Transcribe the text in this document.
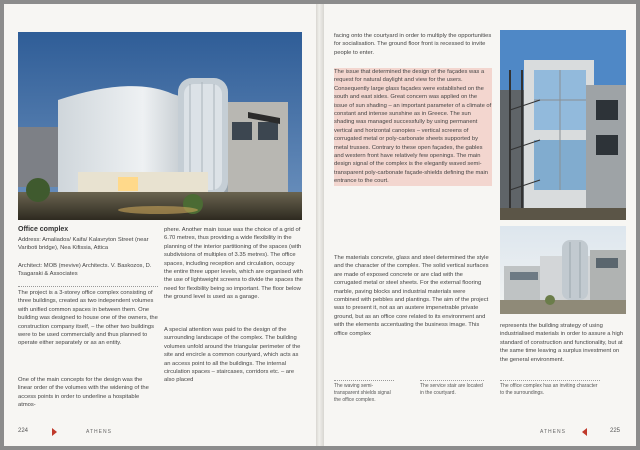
Office complex
Address: Amaliados/ Kaifa/ Kalavryton Street (near Variboti bridge), Nea Kifissia, Attica
Architect: MOB (mevive) Architects. V. Baskozos, D. Tsagaraki & Associates
The project is a 3-storey office complex consisting of three buildings, created as two independent volumes with unified common spaces in between them. One building was designed to house one of the owners, the construction company itself, – the other two buildings were to be used commercially and thus planned to operate either separately or as an entity.
One of the main concepts for the design was the linear order of the volumes with the widening of the access points in order to underline a hospitable atmos-
phere. Another main issue was the choice of a grid of 6.70 metres, thus providing a wide flexibility in the planning of the interior partitioning of the spaces (with subdivisions of multiples of 3.35 metres). The office spaces, including reception and circulation, occupy the entire three upper levels, which are organised with the use of lightweight screens to divide the spaces the need for flexibility being so important. The floor below the ground level is used as a garage.
A special attention was paid to the design of the surrounding landscape of the complex. The building volumes unfold around the triangular perimeter of the site and encircle a common courtyard, which acts as an access point to all the buildings. The internal circulation spaces – staircases, corridors etc. – are also placed
224	ATHENS
facing onto the courtyard in order to multiply the opportunities for socialisation. The ground floor front is recessed to invite people to enter.
The issue that determined the design of the façades was a request for natural daylight and view for the users. Consequently large glass façades were established on the south and east sides. Great concern was applied on the issue of sun shading – an important parameter of a climate of constant and intense sunshine as in Greece. The sun shading was managed successfully by using permanent vertical and horizontal canopies – vertical screens of corrugated metal or poly-carbonate sheets supported by metal trusses. Contrary to these open façades, the gables and western front have relatively few openings. The main design signal of the complex is the elegantly waved semi-transparent poly-carbonate façade-shields defining the main entrance to the court.
The materials concrete, glass and steel determined the style and the character of the complex. The solid vertical surfaces are made of exposed concrete or are clad with the corrugated metal or steel sheets. For the external flooring marble, paving blocks and industrial materials were combined with pebbles and plantings. The aim of the project was to present it, not as an austere impenetrable private ground, but as an office core related to its environment and with the elements accentuating the business image. This office complex
represents the building strategy of using industrialised materials in order to assure a high standard of construction and functionality, but at the same time leaving a surplus investment on the general environment.
The waving semi-transparent shields signal the office complex.
The service stair are located in the courtyard.
The office complex has an inviting character to the surroundings.
ATHENS	225
